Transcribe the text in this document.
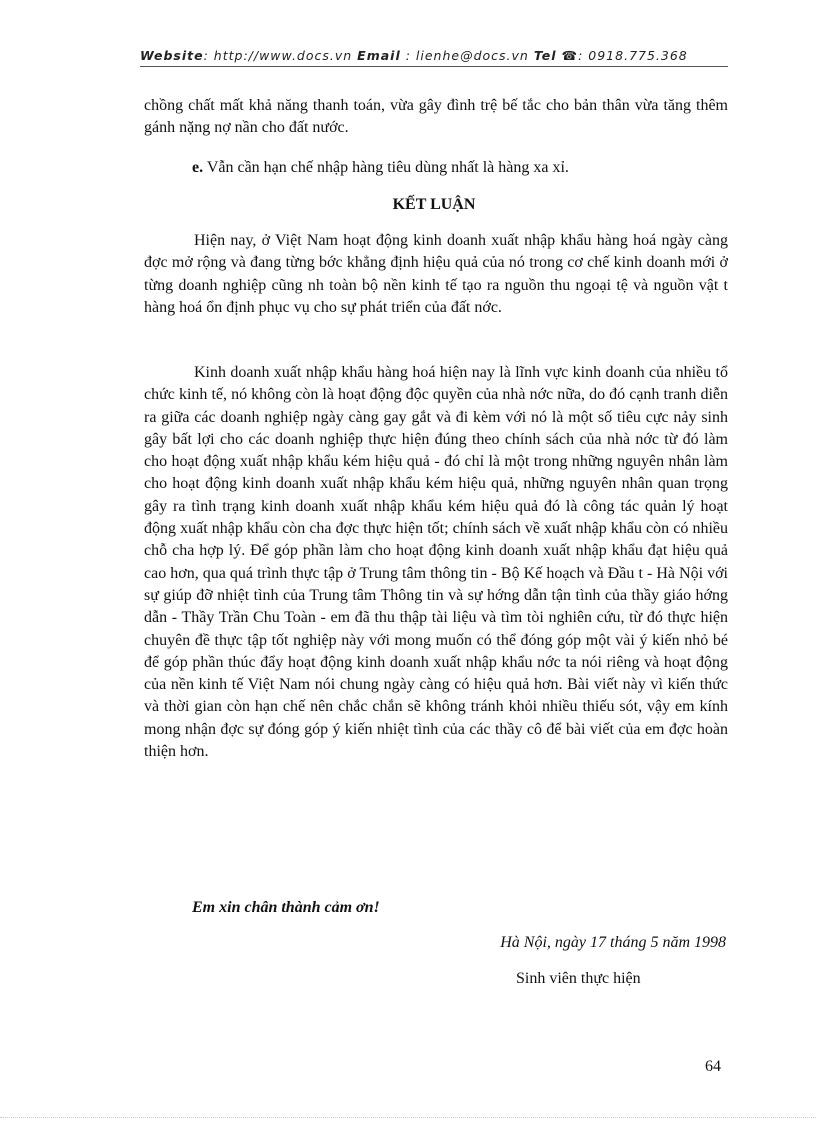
Website: http://www.docs.vn Email : lienhe@docs.vn Tel ☎: 0918.775.368
chồng chất mất khả năng thanh toán, vừa gây đình trệ bế tắc cho bản thân vừa tăng thêm gánh nặng nợ nần cho đất nước.
e. Vẫn cần hạn chế nhập hàng tiêu dùng nhất là hàng xa xỉ.
KẾT LUẬN
Hiện nay, ở Việt Nam hoạt động kinh doanh xuất nhập khẩu hàng hoá ngày càng đợc mở rộng và đang từng bớc khẳng định hiệu quả của nó trong cơ chế kinh doanh mới ở từng doanh nghiệp cũng nh toàn bộ nền kinh tế tạo ra nguồn thu ngoại tệ và nguồn vật t hàng hoá ổn định phục vụ cho sự phát triển của đất nớc.
Kinh doanh xuất nhập khẩu hàng hoá hiện nay là lĩnh vực kinh doanh của nhiều tổ chức kinh tế, nó không còn là hoạt động độc quyền của nhà nớc nữa, do đó cạnh tranh diễn ra giữa các doanh nghiệp ngày càng gay gắt và đi kèm với nó là một số tiêu cực nảy sinh gây bất lợi cho các doanh nghiệp thực hiện đúng theo chính sách của nhà nớc từ đó làm cho hoạt động xuất nhập khẩu kém hiệu quả - đó chỉ là một trong những nguyên nhân làm cho hoạt động kinh doanh xuất nhập khẩu kém hiệu quả, những nguyên nhân quan trọng gây ra tình trạng kinh doanh xuất nhập khẩu kém hiệu quả đó là công tác quản lý hoạt động xuất nhập khẩu còn cha đợc thực hiện tốt; chính sách về xuất nhập khẩu còn có nhiều chỗ cha hợp lý. Để góp phần làm cho hoạt động kinh doanh xuất nhập khẩu đạt hiệu quả cao hơn, qua quá trình thực tập ở Trung tâm thông tin - Bộ Kế hoạch và Đầu t - Hà Nội với sự giúp đỡ nhiệt tình của Trung tâm Thông tin và sự hớng dẫn tận tình của thầy giáo hớng dẫn - Thầy Trần Chu Toàn - em đã thu thập tài liệu và tìm tòi nghiên cứu, từ đó thực hiện chuyên đề thực tập tốt nghiệp này với mong muốn có thể đóng góp một vài ý kiến nhỏ bé để góp phần thúc đẩy hoạt động kinh doanh xuất nhập khẩu nớc ta nói riêng và hoạt động của nền kinh tế Việt Nam nói chung ngày càng có hiệu quả hơn. Bài viết này vì kiến thức và thời gian còn hạn chế nên chắc chắn sẽ không tránh khỏi nhiều thiếu sót, vậy em kính mong nhận đợc sự đóng góp ý kiến nhiệt tình của các thầy cô để bài viết của em đợc hoàn thiện hơn.
Em xin chân thành cảm ơn!
Hà Nội, ngày 17 tháng 5 năm 1998
Sinh viên thực hiện
64
